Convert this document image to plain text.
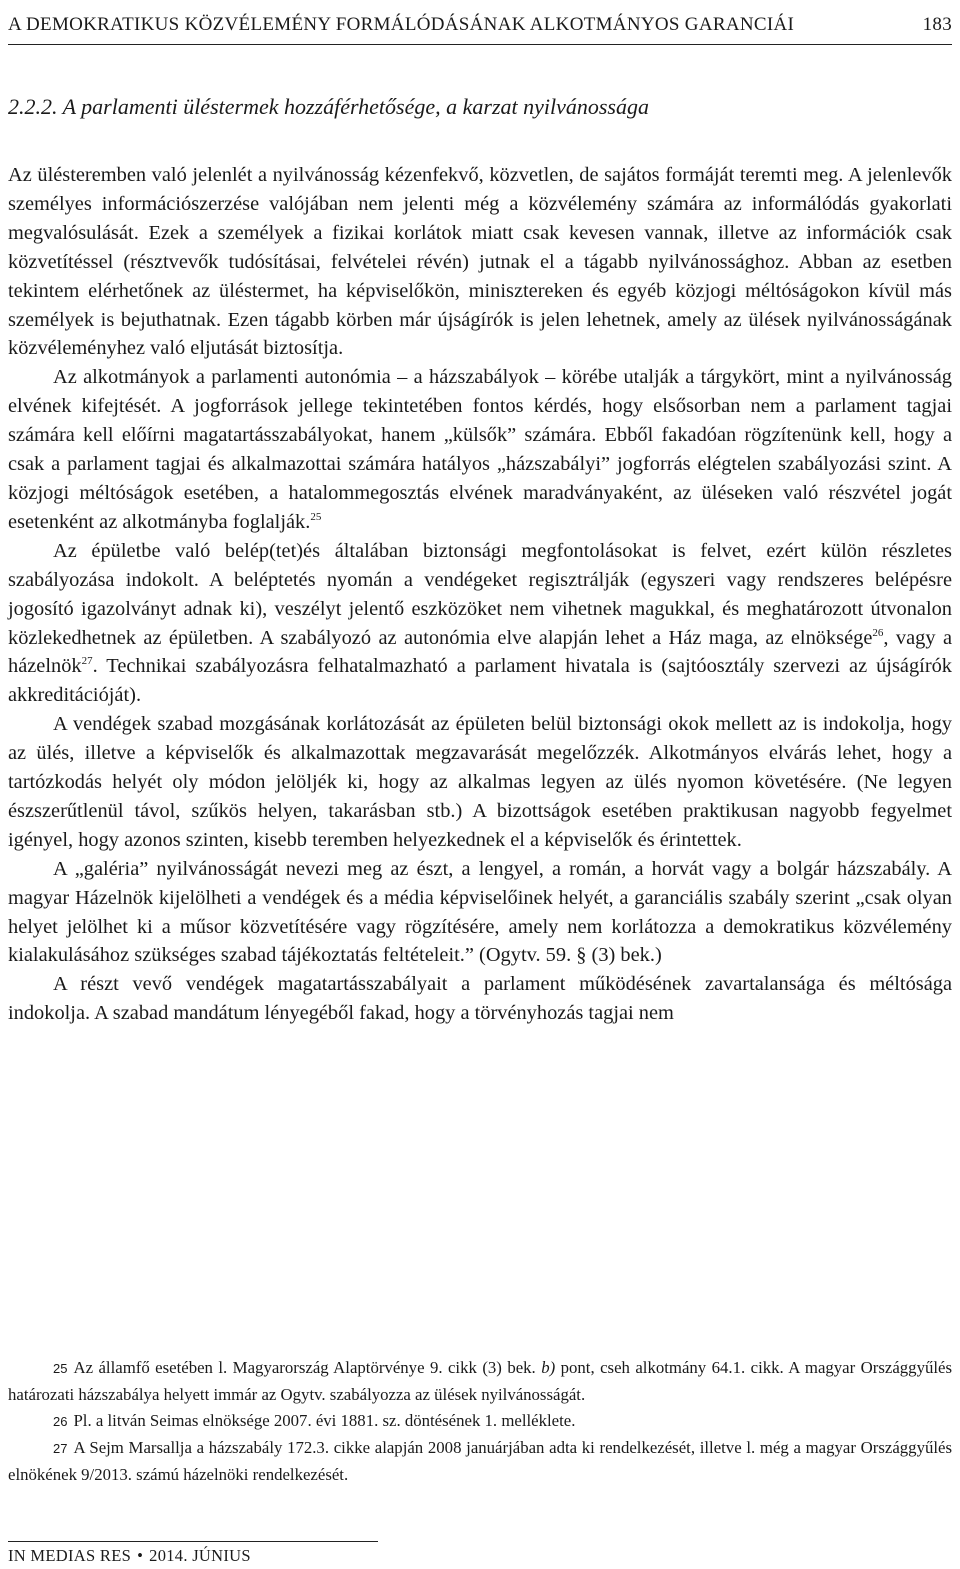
A DEMOKRATIKUS KÖZVÉLEMÉNY FORMÁLÓDÁSÁNAK ALKOTMÁNYOS GARANCIÁI	183
2.2.2. A parlamenti üléstermek hozzáférhetősége, a karzat nyilvánossága

Az ülésteremben való jelenlét a nyilvánosság kézenfekvő, közvetlen, de sajátos formáját teremti meg. A jelenlevők személyes információszerzése valójában nem jelenti még a közvélemény számára az informálódás gyakorlati megvalósulását. Ezek a személyek a fizikai korlátok miatt csak kevesen vannak, illetve az információk csak közvetítéssel (résztvevők tudósításai, felvételei révén) jutnak el a tágabb nyilvánossághoz. Abban az esetben tekintem elérhetőnek az üléstermet, ha képviselőkön, minisztereken és egyéb közjogi méltóságokon kívül más személyek is bejuthatnak. Ezen tágabb körben már újságírók is jelen lehetnek, amely az ülések nyilvánosságának közvéleményhez való eljutását biztosítja.

Az alkotmányok a parlamenti autonómia – a házszabályok – körébe utalják a tárgykört, mint a nyilvánosság elvének kifejtését. A jogforrások jellege tekintetében fontos kérdés, hogy elsősorban nem a parlament tagjai számára kell előírni magatartásszabályokat, hanem „külsők” számára. Ebből fakadóan rögzítenünk kell, hogy a csak a parlament tagjai és alkalmazottai számára hatályos „házszabályi” jogforrás elégtelen szabályozási szint. A közjogi méltóságok esetében, a hatalommegosztás elvének maradványaként, az üléseken való részvétel jogát esetenként az alkotmányba foglalják.$^{25}$

Az épületbe való belép(tet)és általában biztonsági megfontolásokat is felvet, ezért külön részletes szabályozása indokolt. A beléptetés nyomán a vendégeket regisztrálják (egyszeri vagy rendszeres belépésre jogosító igazolványt adnak ki), veszélyt jelentő eszközöket nem vihetnek magukkal, és meghatározott útvonalon közlekedhetnek az épületben. A szabályozó az autonómia elve alapján lehet a Ház maga, az elnöksége$^{26}$, vagy a házelnök$^{27}$. Technikai szabályozásra felhatalmazható a parlament hivatala is (sajtóosztály szervezi az újságírók akkreditációját).

A vendégek szabad mozgásának korlátozását az épületen belül biztonsági okok mellett az is indokolja, hogy az ülés, illetve a képviselők és alkalmazottak megzavarását megelőzzék. Alkotmányos elvárás lehet, hogy a tartózkodás helyét oly módon jelöljék ki, hogy az alkalmas legyen az ülés nyomon követésére. (Ne legyen észszerűtlenül távol, szűkös helyen, takarásban stb.) A bizottságok esetében praktikusan nagyobb fegyelmet igényel, hogy azonos szinten, kisebb teremben helyezkednek el a képviselők és érintettek.

A „galéria” nyilvánosságát nevezi meg az észt, a lengyel, a román, a horvát vagy a bolgár házszabály. A magyar Házelnök kijelölheti a vendégek és a média képviselőinek helyét, a garanciális szabály szerint „csak olyan helyet jelölhet ki a műsor közvetítésére vagy rögzítésére, amely nem korlátozza a demokratikus közvélemény kialakulásához szükséges szabad tájékoztatás feltételeit.” (Ogytv. 59. § (3) bek.)

A részt vevő vendégek magatartásszabályait a parlament működésének zavartalansága és méltósága indokolja. A szabad mandátum lényegéből fakad, hogy a törvényhozás tagjai nem

25 Az államfő esetében l. Magyarország Alaptörvénye 9. cikk (3) bek. b) pont, cseh alkotmány 64.1. cikk. A magyar Országgyűlés határozati házszabálya helyett immár az Ogytv. szabályozza az ülések nyilvánosságát.

26 Pl. a litván Seimas elnöksége 2007. évi 1881. sz. döntésének 1. melléklete.

27 A Sejm Marsallja a házszabály 172.3. cikke alapján 2008 januárjában adta ki rendelkezését, illetve l. még a magyar Országgyűlés elnökének 9/2013. számú házelnöki rendelkezését.

IN MEDIAS RES • 2014. JÚNIUS
